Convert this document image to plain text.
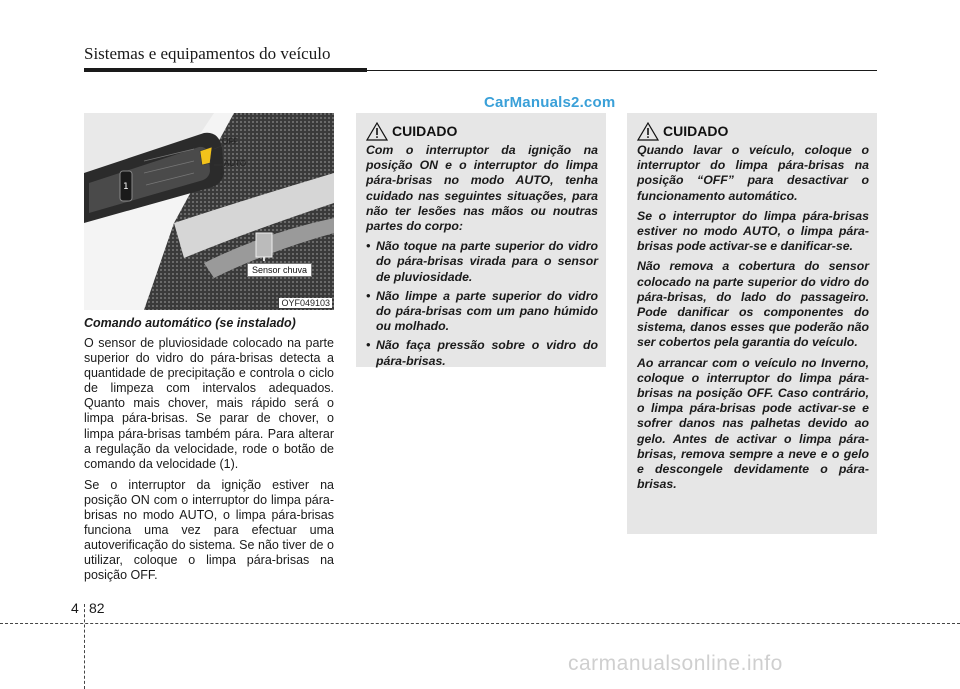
Sistemas e equipamentos do veículo
CarManuals2.com
1
OFF
AUTO
Sensor chuva
OYF049103
Comando automático (se instalado)

O sensor de pluviosidade colocado na parte superior do vidro do pára-brisas detecta a quantidade de precipitação e controla o ciclo de limpeza com intervalos adequados. Quanto mais chover, mais rápido será o limpa pára-brisas. Se parar de chover, o limpa pára-brisas também pára. Para alterar a regulação da velocidade, rode o botão de comando da velocidade (1).

Se o interruptor da ignição estiver na posição ON com o interruptor do limpa pára-brisas no modo AUTO, o limpa pára-brisas funciona uma vez para efectuar uma autoverificação do sistema. Se não tiver de o utilizar, coloque o limpa pára-brisas na posição OFF.

CUIDADO

Com o interruptor da ignição na posição ON e o interruptor do limpa pára-brisas no modo AUTO, tenha cuidado nas seguintes situações, para não ter lesões nas mãos ou noutras partes do corpo:

• Não toque na parte superior do vidro do pára-brisas virada para o sensor de pluviosidade.
• Não limpe a parte superior do vidro do pára-brisas com um pano húmido ou molhado.
• Não faça pressão sobre o vidro do pára-brisas.
CUIDADO

Quando lavar o veículo, coloque o interruptor do limpa pára-brisas na posição “OFF” para desactivar o funcionamento automático.

Se o interruptor do limpa pára-brisas estiver no modo AUTO, o limpa pára-brisas pode activar-se e danificar-se.

Não remova a cobertura do sensor colocado na parte superior do vidro do pára-brisas, do lado do passageiro. Pode danificar os componentes do sistema, danos esses que poderão não ser cobertos pela garantia do veículo.

Ao arrancar com o veículo no Inverno, coloque o interruptor do limpa pára-brisas na posição OFF. Caso contrário, o limpa pára-brisas pode activar-se e sofrer danos nas palhetas devido ao gelo. Antes de activar o limpa pára-brisas, remova sempre a neve e o gelo e descongele devidamente o pára-brisas.

4 82
carmanualsonline.info
